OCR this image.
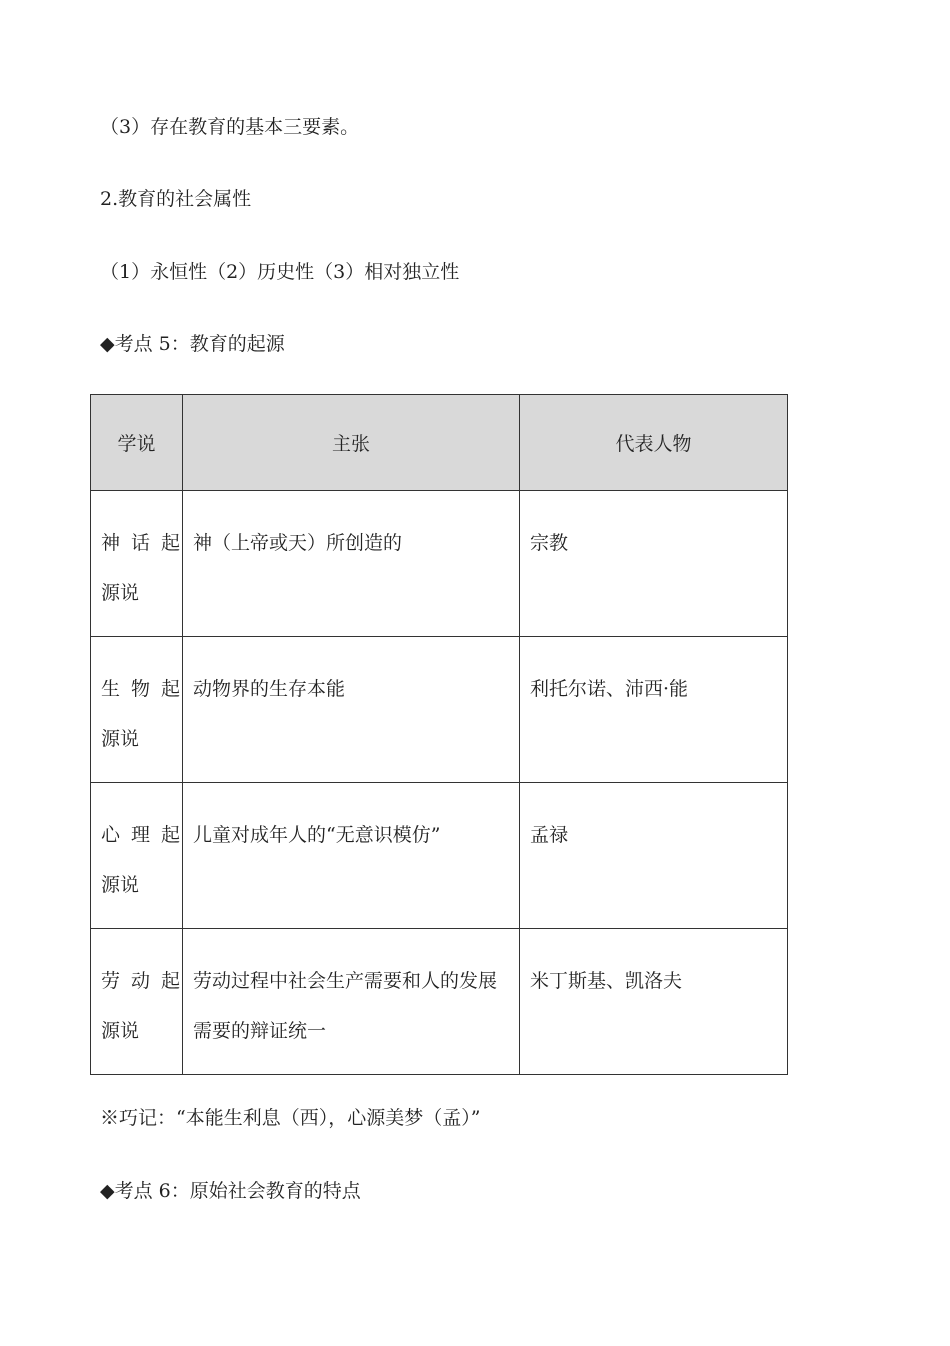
（3）存在教育的基本三要素。
2.教育的社会属性
（1）永恒性（2）历史性（3）相对独立性
◆考点 5：教育的起源
学说	主张	代表人物

神 话 起 源说	神（上帝或天）所创造的	宗教

生 物 起 源说	动物界的生存本能	利托尔诺、沛西·能

心 理 起 源说	儿童对成年人的“无意识模仿”	孟禄

劳 动 起 源说	劳动过程中社会生产需要和人的发展需要的辩证统一	米丁斯基、凯洛夫
※巧记：“本能生利息（西），心源美梦（孟）”
◆考点 6：原始社会教育的特点
